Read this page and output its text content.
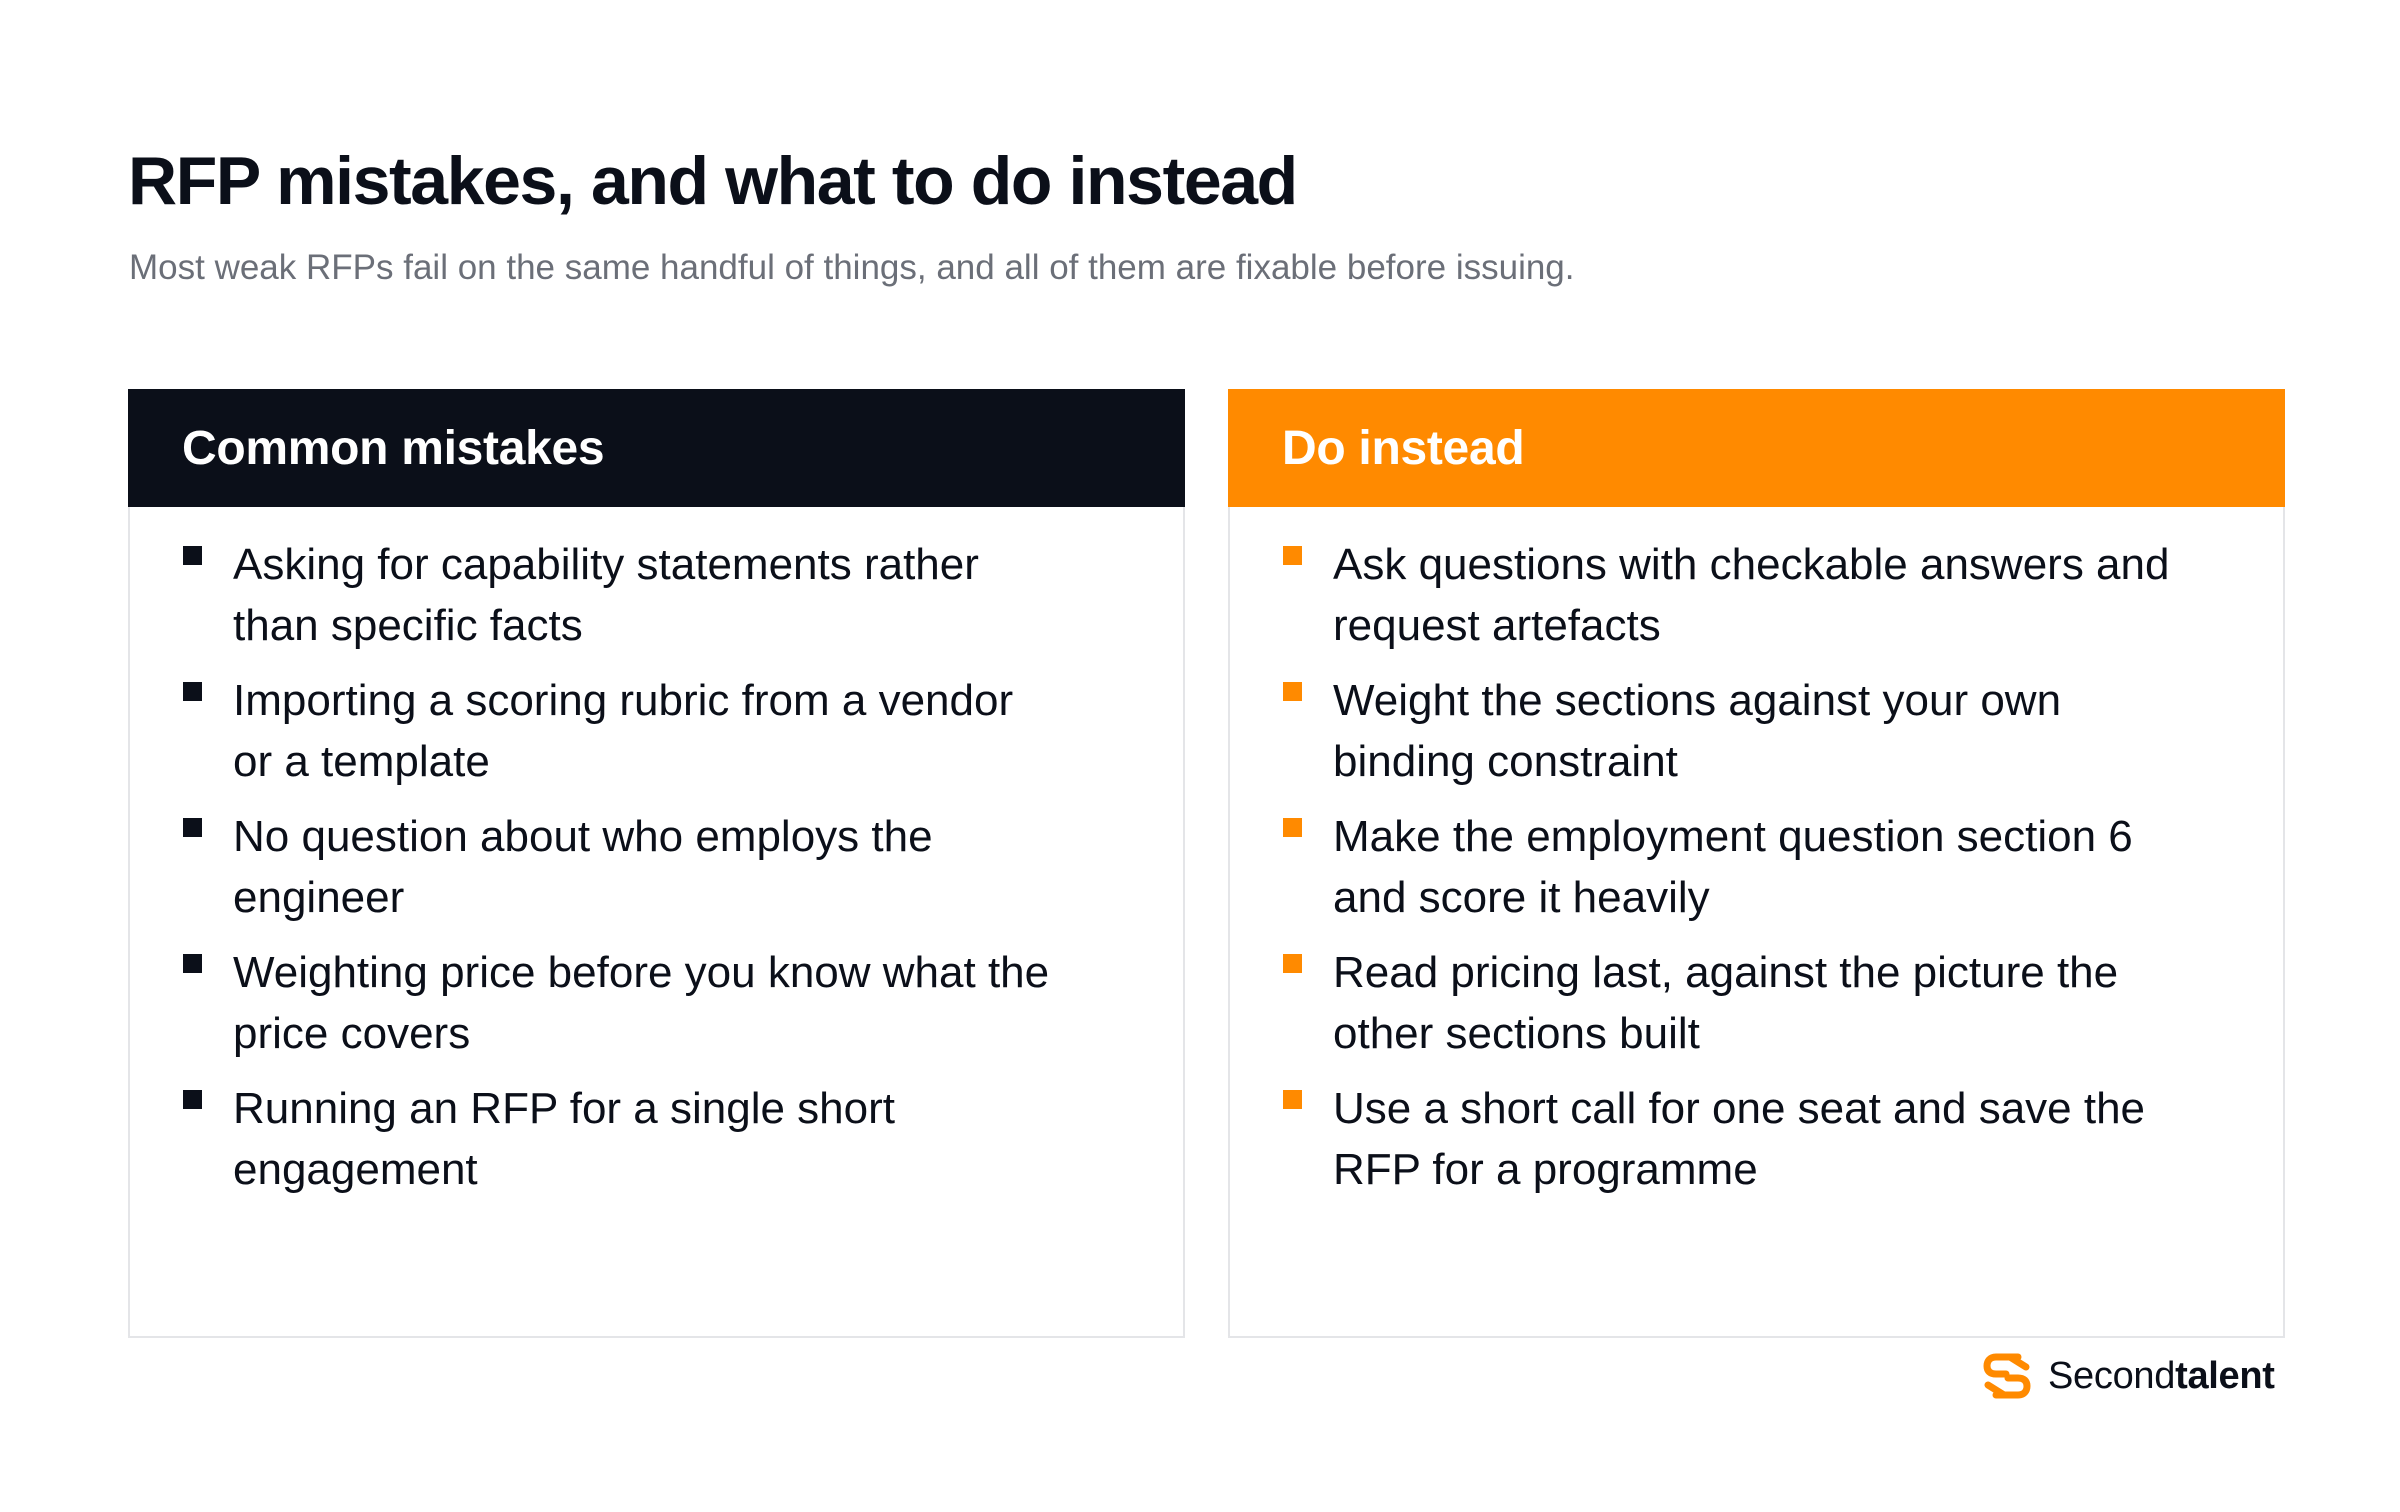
RFP mistakes, and what to do instead

Most weak RFPs fail on the same handful of things, and all of them are fixable before issuing.

Common mistakes
Asking for capability statements rather than specific facts
Importing a scoring rubric from a vendor or a template
No question about who employs the engineer
Weighting price before you know what the price covers
Running an RFP for a single short engagement
Do instead
Ask questions with checkable answers and request artefacts
Weight the sections against your own binding constraint
Make the employment question section 6 and score it heavily
Read pricing last, against the picture the other sections built
Use a short call for one seat and save the RFP for a programme
Secondtalent
